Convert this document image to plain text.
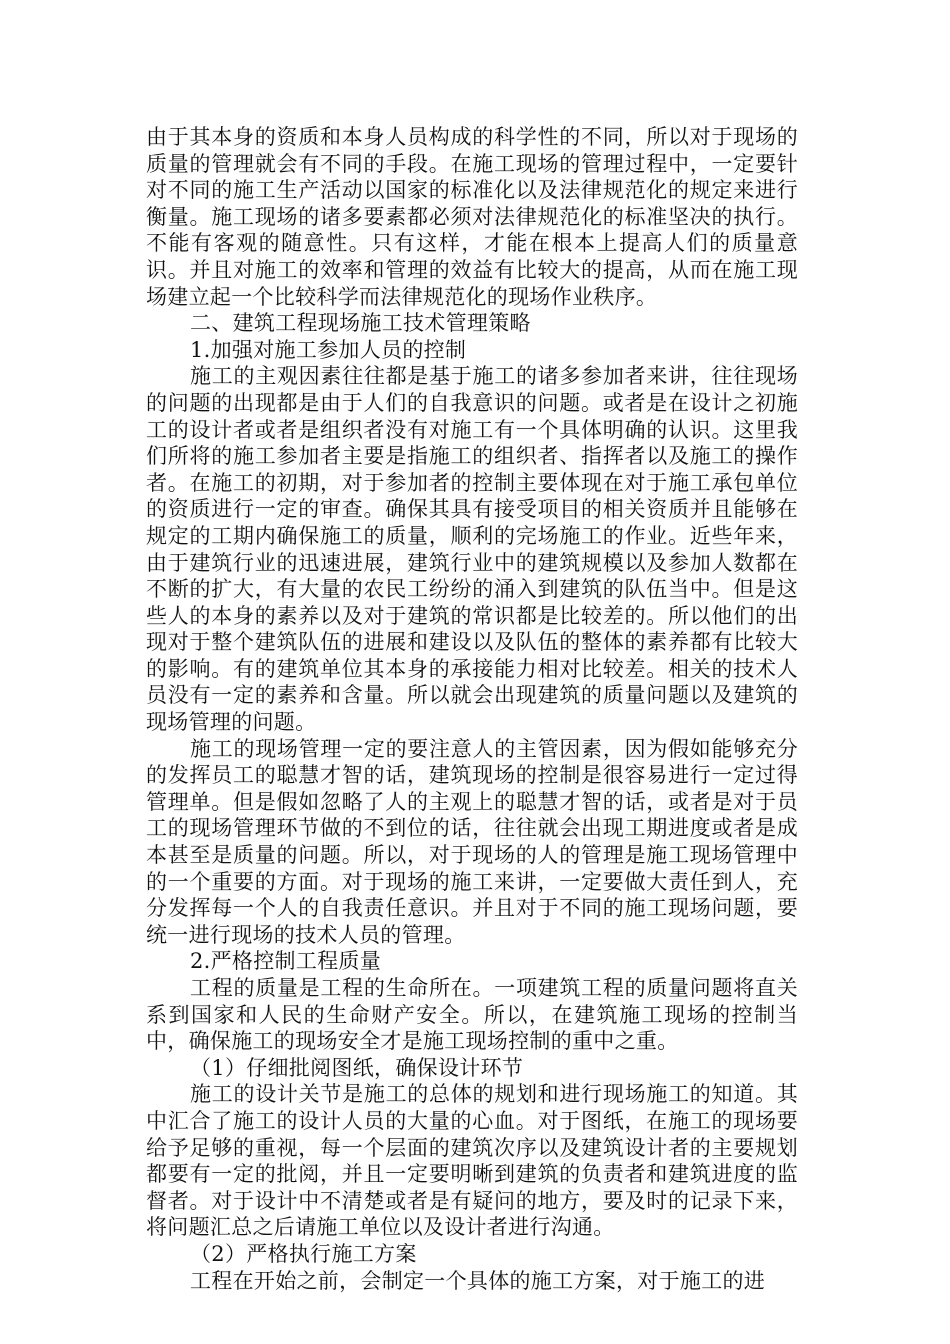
由于其本身的资质和本身人员构成的科学性的不同，所以对于现场的质量的管理就会有不同的手段。在施工现场的管理过程中，一定要针对不同的施工生产活动以国家的标准化以及法律规范化的规定来进行衡量。施工现场的诸多要素都必须对法律规范化的标准坚决的执行。不能有客观的随意性。只有这样，才能在根本上提高人们的质量意识。并且对施工的效率和管理的效益有比较大的提高，从而在施工现场建立起一个比较科学而法律规范化的现场作业秩序。

二、建筑工程现场施工技术管理策略

1.加强对施工参加人员的控制

施工的主观因素往往都是基于施工的诸多参加者来讲，往往现场的问题的出现都是由于人们的自我意识的问题。或者是在设计之初施工的设计者或者是组织者没有对施工有一个具体明确的认识。这里我们所将的施工参加者主要是指施工的组织者、指挥者以及施工的操作者。在施工的初期，对于参加者的控制主要体现在对于施工承包单位的资质进行一定的审查。确保其具有接受项目的相关资质并且能够在规定的工期内确保施工的质量，顺利的完场施工的作业。近些年来，由于建筑行业的迅速进展，建筑行业中的建筑规模以及参加人数都在不断的扩大，有大量的农民工纷纷的涌入到建筑的队伍当中。但是这些人的本身的素养以及对于建筑的常识都是比较差的。所以他们的出现对于整个建筑队伍的进展和建设以及队伍的整体的素养都有比较大的影响。有的建筑单位其本身的承接能力相对比较差。相关的技术人员没有一定的素养和含量。所以就会出现建筑的质量问题以及建筑的现场管理的问题。

施工的现场管理一定的要注意人的主管因素，因为假如能够充分的发挥员工的聪慧才智的话，建筑现场的控制是很容易进行一定过得管理单。但是假如忽略了人的主观上的聪慧才智的话，或者是对于员工的现场管理环节做的不到位的话，往往就会出现工期进度或者是成本甚至是质量的问题。所以，对于现场的人的管理是施工现场管理中的一个重要的方面。对于现场的施工来讲，一定要做大责任到人，充分发挥每一个人的自我责任意识。并且对于不同的施工现场问题，要统一进行现场的技术人员的管理。

2.严格控制工程质量

工程的质量是工程的生命所在。一项建筑工程的质量问题将直关系到国家和人民的生命财产安全。所以，在建筑施工现场的控制当中，确保施工的现场安全才是施工现场控制的重中之重。

（1）仔细批阅图纸，确保设计环节

施工的设计关节是施工的总体的规划和进行现场施工的知道。其中汇合了施工的设计人员的大量的心血。对于图纸，在施工的现场要给予足够的重视，每一个层面的建筑次序以及建筑设计者的主要规划都要有一定的批阅，并且一定要明晰到建筑的负责者和建筑进度的监督者。对于设计中不清楚或者是有疑问的地方，要及时的记录下来，将问题汇总之后请施工单位以及设计者进行沟通。

（2）严格执行施工方案

工程在开始之前，会制定一个具体的施工方案，对于施工的进
